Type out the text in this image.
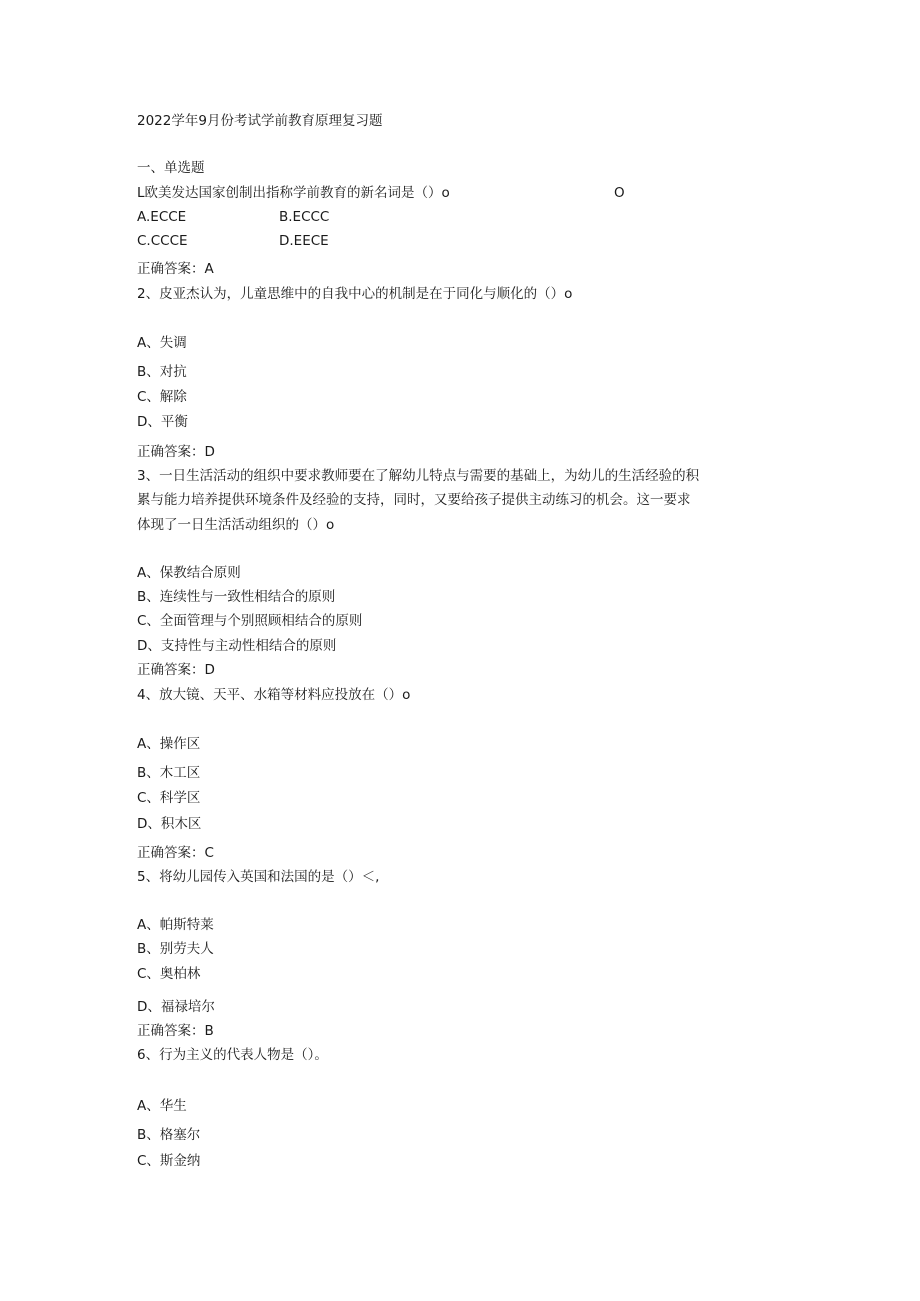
2022学年9月份考试学前教育原理复习题
一、单选题
L欧美发达国家创制出指称学前教育的新名词是（）o	O
A.ECCE	B.ECCC
C.CCCE	D.EECE
正确答案：A
2、皮亚杰认为，儿童思维中的自我中心的机制是在于同化与顺化的（）o
A、失调
B、对抗
C、解除
D、平衡
正确答案：D
3、一日生活活动的组织中要求教师要在了解幼儿特点与需要的基础上，为幼儿的生活经验的积
累与能力培养提供环境条件及经验的支持，同时，又要给孩子提供主动练习的机会。这一要求
体现了一日生活活动组织的（）o
A、保教结合原则
B、连续性与一致性相结合的原则
C、全面管理与个别照顾相结合的原则
D、支持性与主动性相结合的原则
正确答案：D
4、放大镜、天平、水箱等材料应投放在（）o
A、操作区
B、木工区
C、科学区
D、积木区
正确答案：C
5、将幼儿园传入英国和法国的是（）＜,
A、帕斯特莱
B、别劳夫人
C、奥柏林
D、福禄培尔
正确答案：B
6、行为主义的代表人物是（）。
A、华生
B、格塞尔
C、斯金纳
